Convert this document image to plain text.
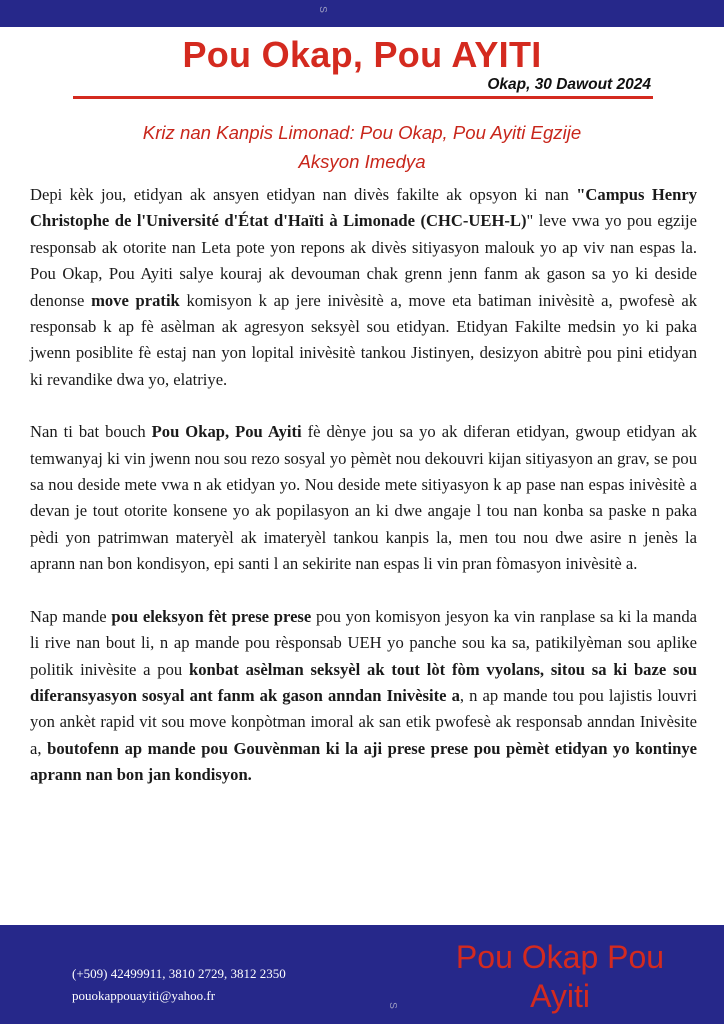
S
Pou Okap, Pou AYITI
Okap, 30 Dawout 2024
Kriz nan Kanpis Limonad: Pou Okap, Pou Ayiti Egzije
Aksyon Imedya

Depi kèk jou, etidyan ak ansyen etidyan nan divès fakilte ak opsyon ki nan "Campus Henry Christophe de l'Université d'État d'Haïti à Limonade (CHC-UEH-L)" leve vwa yo pou egzije responsab ak otorite nan Leta pote yon repons ak divès sitiyasyon malouk yo ap viv nan espas la. Pou Okap, Pou Ayiti salye kouraj ak devouman chak grenn jenn fanm ak gason sa yo ki deside denonse move pratik komisyon k ap jere inivèsitè a, move eta batiman inivèsitè a, pwofesè ak responsab k ap fè asèlman ak agresyon seksyèl sou etidyan. Etidyan Fakilte medsin yo ki paka jwenn posiblite fè estaj nan yon lopital inivèsitè tankou Jistinyen, desizyon abitrè pou pini etidyan ki revandike dwa yo, elatriye.

Nan ti bat bouch Pou Okap, Pou Ayiti fè dènye jou sa yo ak diferan etidyan, gwoup etidyan ak temwanyaj ki vin jwenn nou sou rezo sosyal yo pèmèt nou dekouvri kijan sitiyasyon an grav, se pou sa nou deside mete vwa n ak etidyan yo. Nou deside mete sitiyasyon k ap pase nan espas inivèsitè a devan je tout otorite konsene yo ak popilasyon an ki dwe angaje l tou nan konba sa paske n paka pèdi yon patrimwan materyèl ak imateryèl tankou kanpis la, men tou nou dwe asire n jenès la aprann nan bon kondisyon, epi santi l an sekirite nan espas li vin pran fòmasyon inivèsitè a.

Nap mande pou eleksyon fèt prese prese pou yon komisyon jesyon ka vin ranplase sa ki la manda li rive nan bout li, n ap mande pou rèsponsab UEH yo panche sou ka sa, patikilyèman sou aplike politik inivèsite a pou konbat asèlman seksyèl ak tout lòt fòm vyolans, sitou sa ki baze sou diferansyasyon sosyal ant fanm ak gason anndan Inivèsite a, n ap mande tou pou lajistis louvri yon ankèt rapid vit sou move konpòtman imoral ak san etik pwofesè ak responsab anndan Inivèsite a, boutofenn ap mande pou Gouvènman ki la aji prese prese pou pèmèt etidyan yo kontinye aprann nan bon jan kondisyon.

(+509) 42499911, 3810 2729, 3812 2350
pouokappouayiti@yahoo.fr
Pou Okap Pou
Ayiti
S
